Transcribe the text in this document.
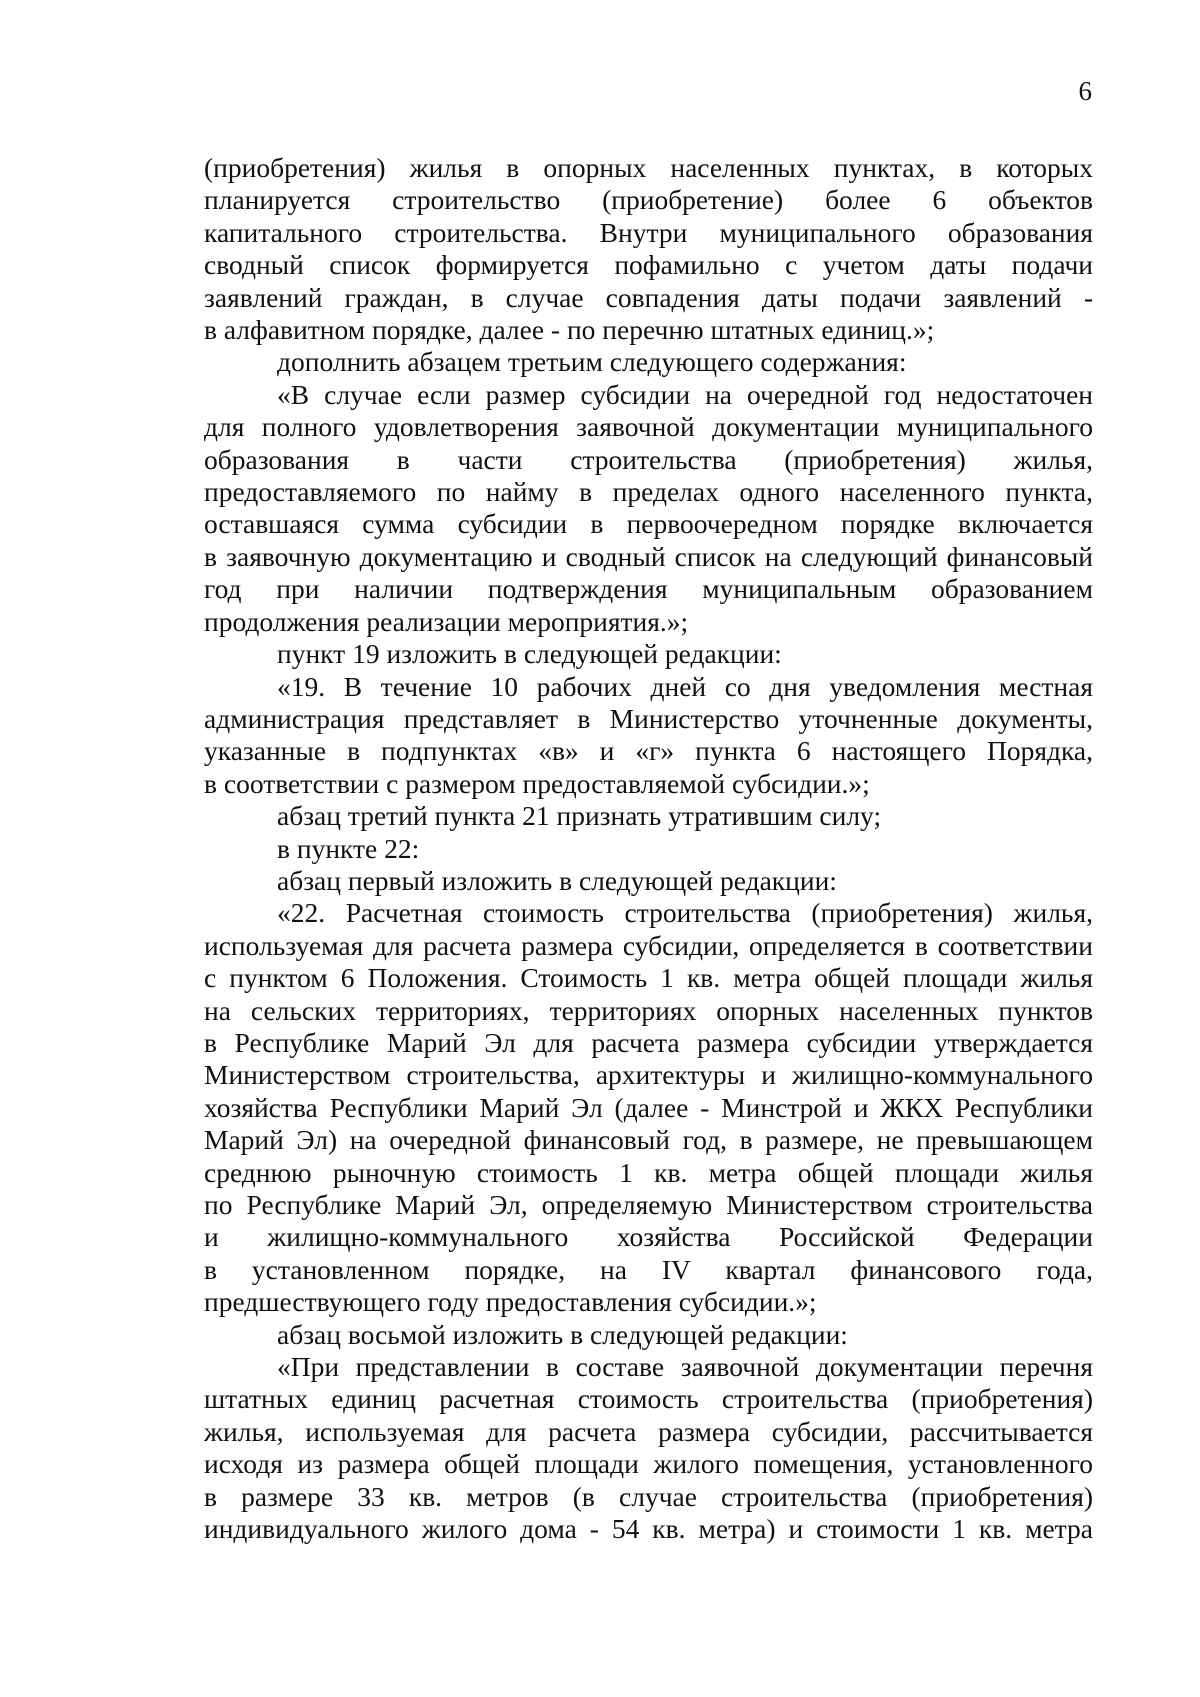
6
(приобретения) жилья в опорных населенных пунктах, в которых
планируется строительство (приобретение) более 6 объектов
капитального строительства. Внутри муниципального образования
сводный список формируется пофамильно с учетом даты подачи
заявлений граждан, в случае совпадения даты подачи заявлений -
в алфавитном порядке, далее - по перечню штатных единиц.»;
дополнить абзацем третьим следующего содержания:
«В случае если размер субсидии на очередной год недостаточен
для полного удовлетворения заявочной документации муниципального
образования в части строительства (приобретения) жилья,
предоставляемого по найму в пределах одного населенного пункта,
оставшаяся сумма субсидии в первоочередном порядке включается
в заявочную документацию и сводный список на следующий финансовый
год при наличии подтверждения муниципальным образованием
продолжения реализации мероприятия.»;
пункт 19 изложить в следующей редакции:
«19. В течение 10 рабочих дней со дня уведомления местная
администрация представляет в Министерство уточненные документы,
указанные в подпунктах «в» и «г» пункта 6 настоящего Порядка,
в соответствии с размером предоставляемой субсидии.»;
абзац третий пункта 21 признать утратившим силу;
в пункте 22:
абзац первый изложить в следующей редакции:
«22. Расчетная стоимость строительства (приобретения) жилья,
используемая для расчета размера субсидии, определяется в соответствии
с пунктом 6 Положения. Стоимость 1 кв. метра общей площади жилья
на сельских территориях, территориях опорных населенных пунктов
в Республике Марий Эл для расчета размера субсидии утверждается
Министерством строительства, архитектуры и жилищно-коммунального
хозяйства Республики Марий Эл (далее - Минстрой и ЖКХ Республики
Марий Эл) на очередной финансовый год, в размере, не превышающем
среднюю рыночную стоимость 1 кв. метра общей площади жилья
по Республике Марий Эл, определяемую Министерством строительства
и жилищно-коммунального хозяйства Российской Федерации
в установленном порядке, на IV квартал финансового года,
предшествующего году предоставления субсидии.»;
абзац восьмой изложить в следующей редакции:
«При представлении в составе заявочной документации перечня
штатных единиц расчетная стоимость строительства (приобретения)
жилья, используемая для расчета размера субсидии, рассчитывается
исходя из размера общей площади жилого помещения, установленного
в размере 33 кв. метров (в случае строительства (приобретения)
индивидуального жилого дома - 54 кв. метра) и стоимости 1 кв. метра
